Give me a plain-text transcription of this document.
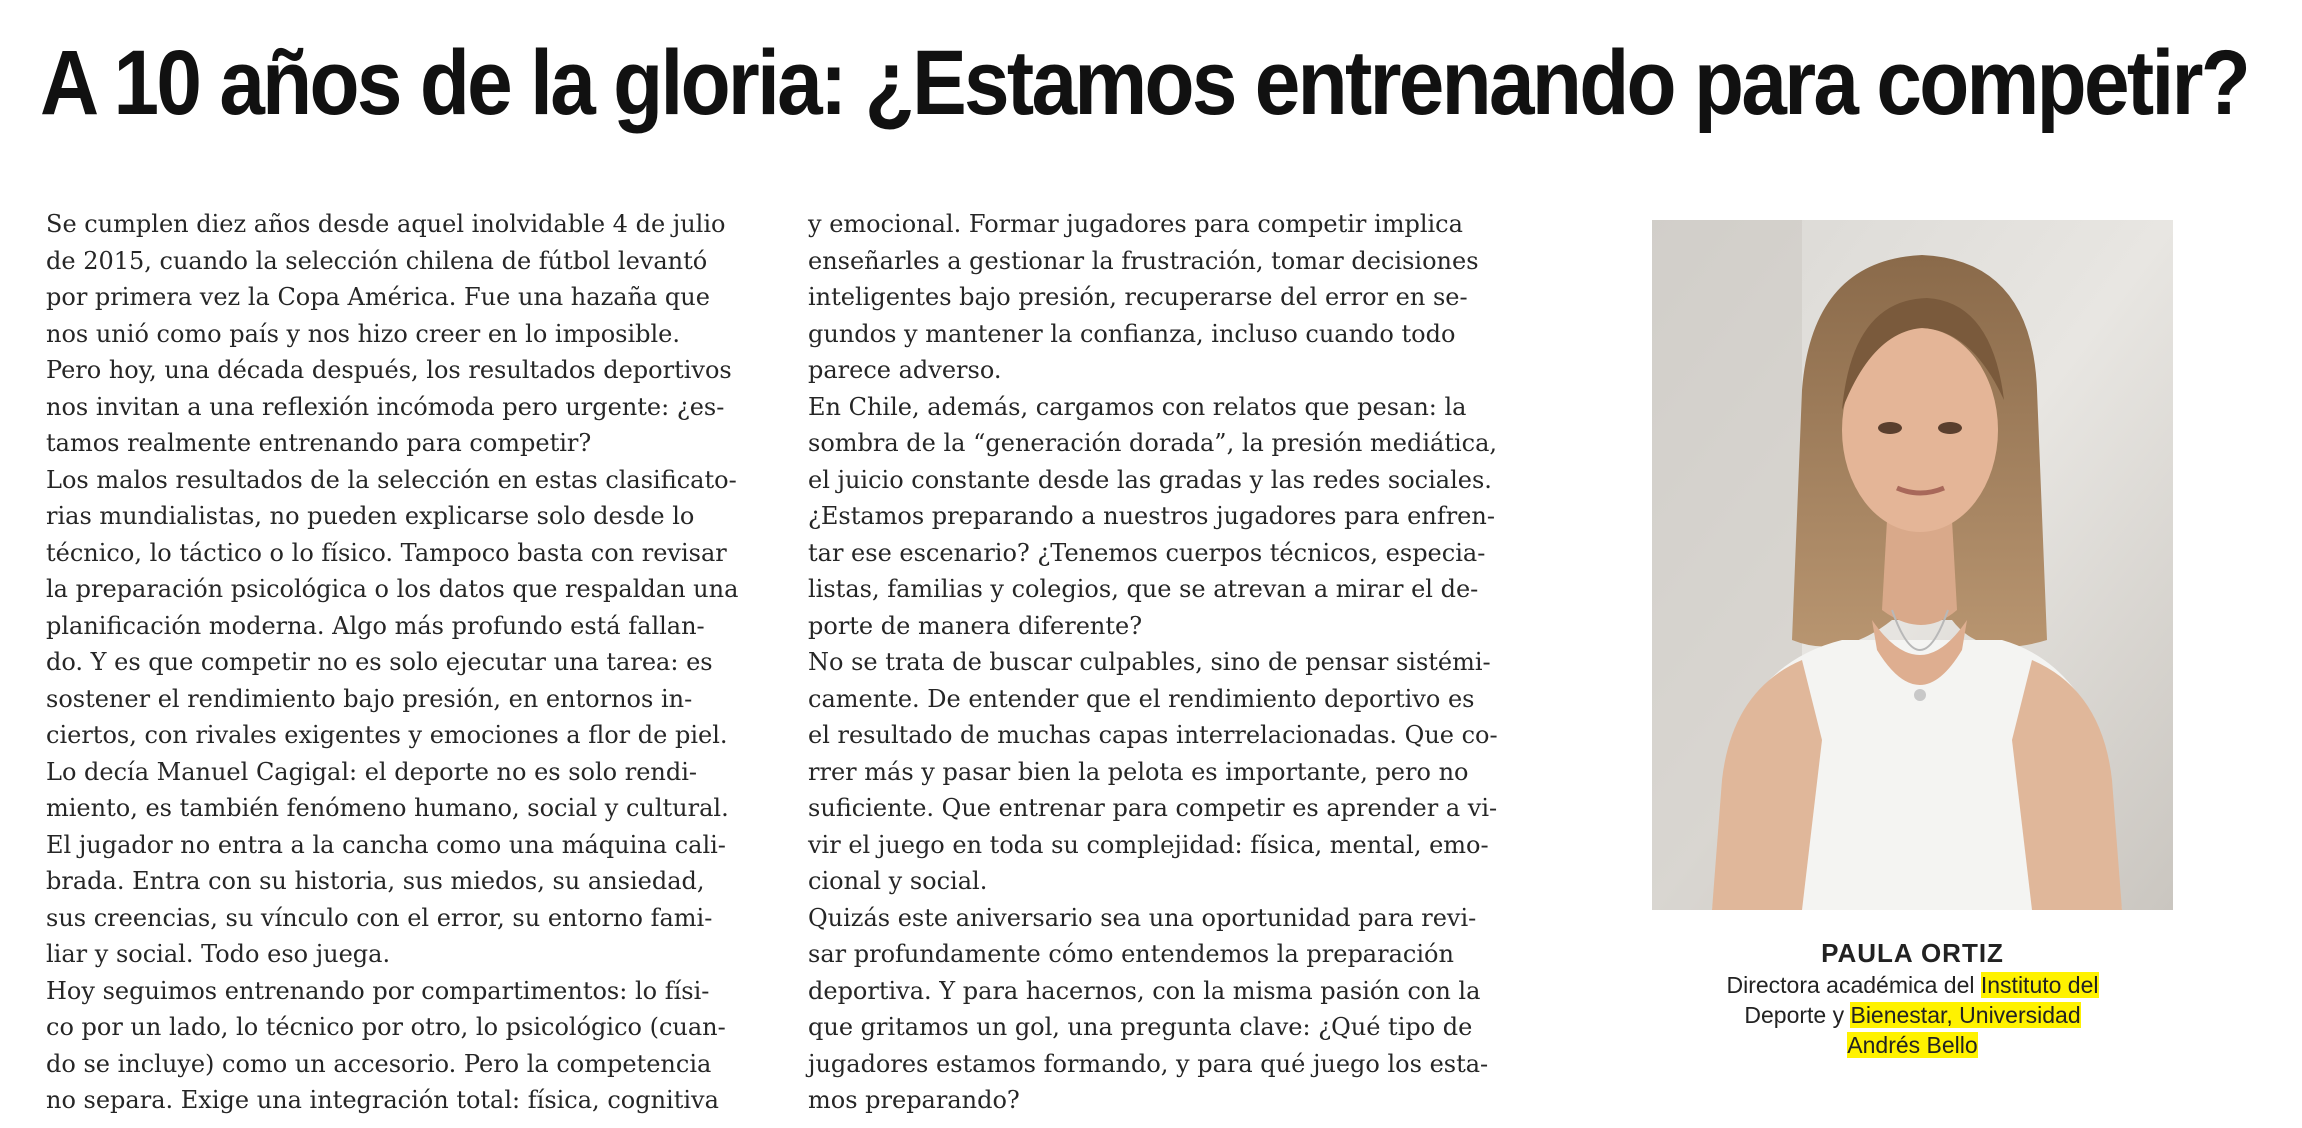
A 10 años de la gloria: ¿Estamos entrenando para competir?
Se cumplen diez años desde aquel inolvidable 4 de julio
de 2015, cuando la selección chilena de fútbol levantó
por primera vez la Copa América. Fue una hazaña que
nos unió como país y nos hizo creer en lo imposible.
Pero hoy, una década después, los resultados deportivos
nos invitan a una reflexión incómoda pero urgente: ¿es-
tamos realmente entrenando para competir?
Los malos resultados de la selección en estas clasificato-
rias mundialistas, no pueden explicarse solo desde lo
técnico, lo táctico o lo físico. Tampoco basta con revisar
la preparación psicológica o los datos que respaldan una
planificación moderna. Algo más profundo está fallan-
do. Y es que competir no es solo ejecutar una tarea: es
sostener el rendimiento bajo presión, en entornos in-
ciertos, con rivales exigentes y emociones a flor de piel.
Lo decía Manuel Cagigal: el deporte no es solo rendi-
miento, es también fenómeno humano, social y cultural.
El jugador no entra a la cancha como una máquina cali-
brada. Entra con su historia, sus miedos, su ansiedad,
sus creencias, su vínculo con el error, su entorno fami-
liar y social. Todo eso juega.
Hoy seguimos entrenando por compartimentos: lo físi-
co por un lado, lo técnico por otro, lo psicológico (cuan-
do se incluye) como un accesorio. Pero la competencia
no separa. Exige una integración total: física, cognitiva
y emocional. Formar jugadores para competir implica
enseñarles a gestionar la frustración, tomar decisiones
inteligentes bajo presión, recuperarse del error en se-
gundos y mantener la confianza, incluso cuando todo
parece adverso.
En Chile, además, cargamos con relatos que pesan: la
sombra de la “generación dorada”, la presión mediática,
el juicio constante desde las gradas y las redes sociales.
¿Estamos preparando a nuestros jugadores para enfren-
tar ese escenario? ¿Tenemos cuerpos técnicos, especia-
listas, familias y colegios, que se atrevan a mirar el de-
porte de manera diferente?
No se trata de buscar culpables, sino de pensar sistémi-
camente. De entender que el rendimiento deportivo es
el resultado de muchas capas interrelacionadas. Que co-
rrer más y pasar bien la pelota es importante, pero no
suficiente. Que entrenar para competir es aprender a vi-
vir el juego en toda su complejidad: física, mental, emo-
cional y social.
Quizás este aniversario sea una oportunidad para revi-
sar profundamente cómo entendemos la preparación
deportiva. Y para hacernos, con la misma pasión con la
que gritamos un gol, una pregunta clave: ¿Qué tipo de
jugadores estamos formando, y para qué juego los esta-
mos preparando?
PAULA ORTIZ
Directora académica del Instituto del
Deporte y Bienestar, Universidad
Andrés Bello
